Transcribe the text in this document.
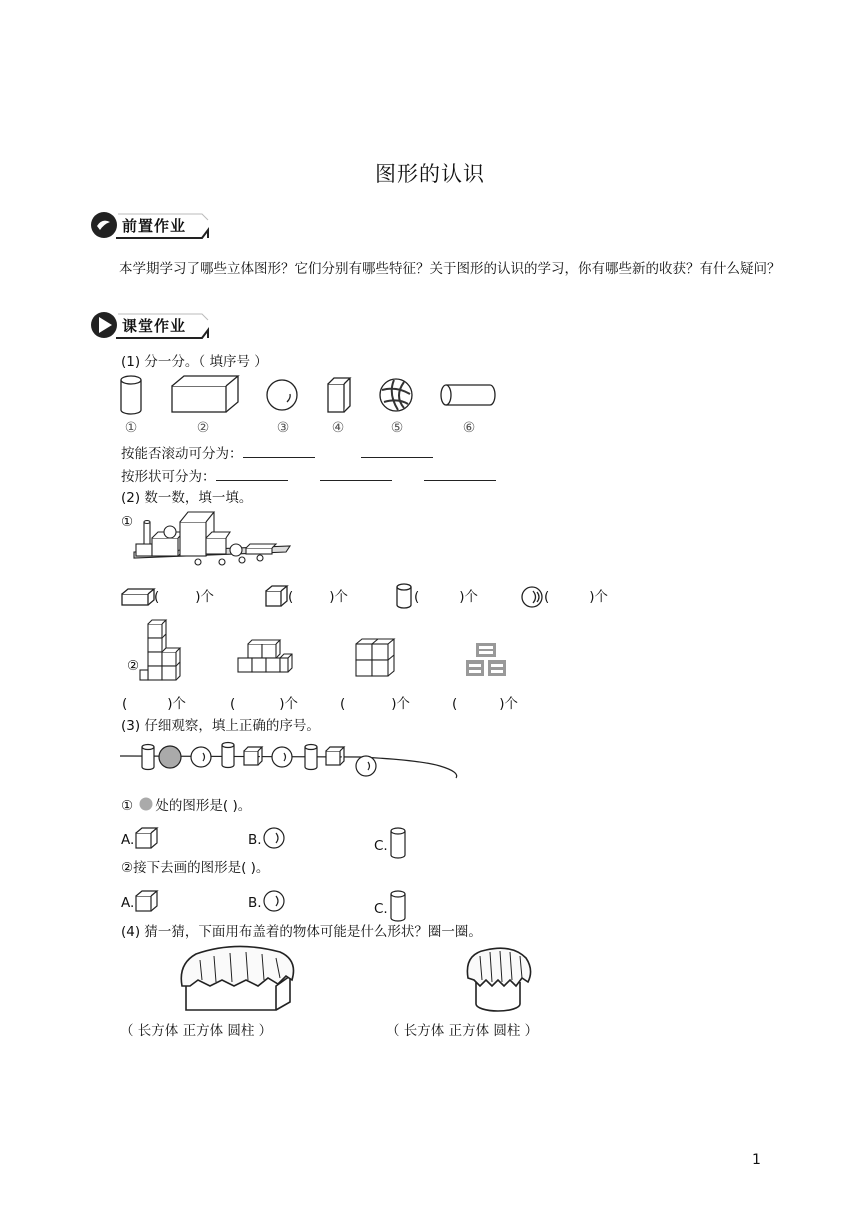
图形的认识
前置作业
本学期学习了哪些立体图形？它们分别有哪些特征？关于图形的认识的学习，你有哪些新的收获？有什么疑问？
课堂作业
(1) 分一分。（ 填序号 ）
①	②	③	④	⑤	⑥
按能否滚动可分为：
按形状可分为：
(2) 数一数，填一填。
①
(	)个	(	)个	(	)个	(	)个
②
(	)个	(	)个	(	)个	(	)个
(3) 仔细观察，填上正确的序号。
① 处的图形是( )。
A.	B.	C.
②接下去画的图形是( )。
A.	B.	C.
(4) 猜一猜，下面用布盖着的物体可能是什么形状？圈一圈。
（ 长方体 正方体 圆柱 ）	（ 长方体 正方体 圆柱 ）
1
